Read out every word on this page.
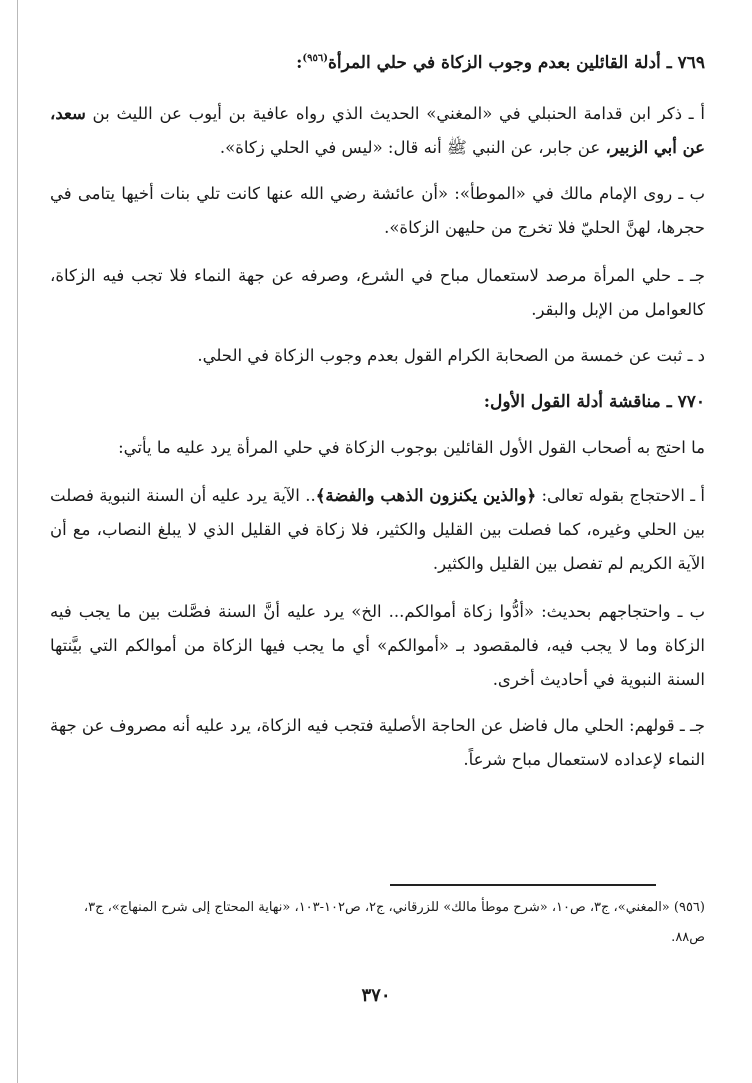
٧٦٩ ـ أدلة القائلين بعدم وجوب الزكاة في حلي المرأة$^{(٩٥٦)}$:

أ ـ ذكر ابن قدامة الحنبلي في «المغني» الحديث الذي رواه عافية بن أيوب عن الليث بن سعد، عن أبي الزبير، عن جابر، عن النبي ﷺ أنه قال: «ليس في الحلي زكاة».

ب ـ روى الإمام مالك في «الموطأ»: «أن عائشة رضي الله عنها كانت تلي بنات أخيها يتامى في حجرها، لهنَّ الحليّ فلا تخرج من حليهن الزكاة».

جـ ـ حلي المرأة مرصد لاستعمال مباح في الشرع، وصرفه عن جهة النماء فلا تجب فيه الزكاة، كالعوامل من الإبل والبقر.

د ـ ثبت عن خمسة من الصحابة الكرام القول بعدم وجوب الزكاة في الحلي.

٧٧٠ ـ مناقشة أدلة القول الأول:

ما احتج به أصحاب القول الأول القائلين بوجوب الزكاة في حلي المرأة يرد عليه ما يأتي:

أ ـ الاحتجاج بقوله تعالى: ﴿والذين يكنزون الذهب والفضة﴾.. الآية يرد عليه أن السنة النبوية فصلت بين الحلي وغيره، كما فصلت بين القليل والكثير، فلا زكاة في القليل الذي لا يبلغ النصاب، مع أن الآية الكريم لم تفصل بين القليل والكثير.

ب ـ واحتجاجهم بحديث: «أدُّوا زكاة أموالكم... الخ» يرد عليه أنَّ السنة فصَّلت بين ما يجب فيه الزكاة وما لا يجب فيه، فالمقصود بـ «أموالكم» أي ما يجب فيها الزكاة من أموالكم التي بيَّنتها السنة النبوية في أحاديث أخرى.

جـ ـ قولهم: الحلي مال فاضل عن الحاجة الأصلية فتجب فيه الزكاة، يرد عليه أنه مصروف عن جهة النماء لإعداده لاستعمال مباح شرعاً.

(٩٥٦) «المغني»، ج٣، ص١٠، «شرح موطأ مالك» للزرقاني، ج٢، ص١٠٢-١٠٣، «نهاية المحتاج إلى شرح المنهاج»، ج٣، ص٨٨.

٣٧٠
